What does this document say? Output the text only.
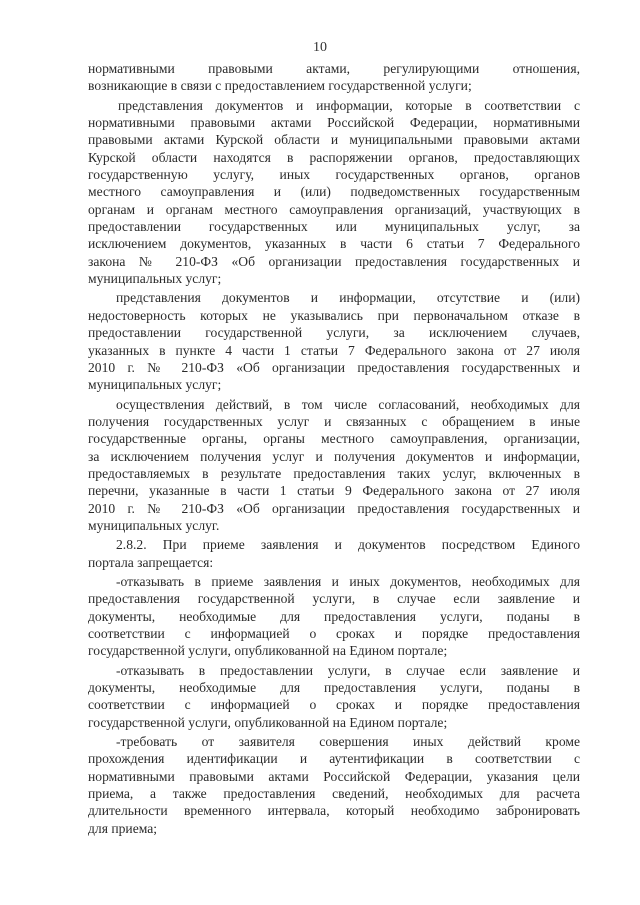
10
нормативными правовыми актами, регулирующими отношения,
возникающие в связи с предоставлением государственной услуги;
представления документов и информации, которые в соответствии с
нормативными правовыми актами Российской Федерации, нормативными
правовыми актами Курской области и муниципальными правовыми актами
Курской области находятся в распоряжении органов, предоставляющих
государственную услугу, иных государственных органов, органов
местного самоуправления и (или) подведомственных государственным
органам и органам местного самоуправления организаций, участвующих в
предоставлении государственных или муниципальных услуг, за
исключением документов, указанных в части 6 статьи 7 Федерального
закона № 210-ФЗ «Об организации предоставления государственных и
муниципальных услуг;
представления документов и информации, отсутствие и (или)
недостоверность которых не указывались при первоначальном отказе в
предоставлении государственной услуги, за исключением случаев,
указанных в пункте 4 части 1 статьи 7 Федерального закона от 27 июля
2010 г. № 210-ФЗ «Об организации предоставления государственных и
муниципальных услуг;
осуществления действий, в том числе согласований, необходимых для
получения государственных услуг и связанных с обращением в иные
государственные органы, органы местного самоуправления, организации,
за исключением получения услуг и получения документов и информации,
предоставляемых в результате предоставления таких услуг, включенных в
перечни, указанные в части 1 статьи 9 Федерального закона от 27 июля
2010 г. № 210-ФЗ «Об организации предоставления государственных и
муниципальных услуг.
2.8.2. При приеме заявления и документов посредством Единого
портала запрещается:
-отказывать в приеме заявления и иных документов, необходимых для
предоставления государственной услуги, в случае если заявление и
документы, необходимые для предоставления услуги, поданы в
соответствии с информацией о сроках и порядке предоставления
государственной услуги, опубликованной на Едином портале;
-отказывать в предоставлении услуги, в случае если заявление и
документы, необходимые для предоставления услуги, поданы в
соответствии с информацией о сроках и порядке предоставления
государственной услуги, опубликованной на Едином портале;
-требовать от заявителя совершения иных действий кроме
прохождения идентификации и аутентификации в соответствии с
нормативными правовыми актами Российской Федерации, указания цели
приема, а также предоставления сведений, необходимых для расчета
длительности временного интервала, который необходимо забронировать
для приема;
